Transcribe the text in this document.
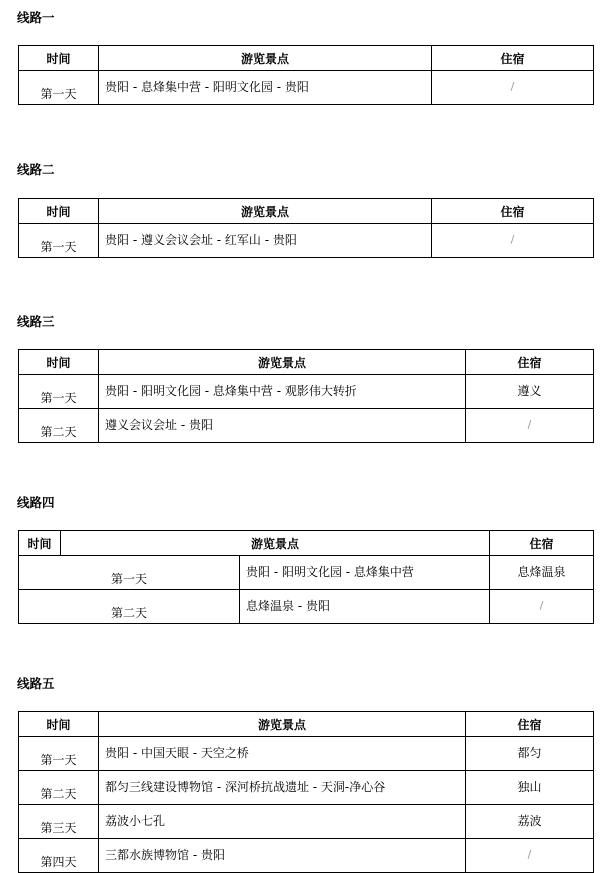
线路一
时间	游览景点	住宿
第一天	贵阳 - 息烽集中营 - 阳明文化园 - 贵阳	/
线路二
时间	游览景点	住宿
第一天	贵阳 - 遵义会议会址 - 红军山 - 贵阳	/
线路三
时间	游览景点	住宿
第一天	贵阳 - 阳明文化园 - 息烽集中营 - 观影伟大转折	遵义
第二天	遵义会议会址 - 贵阳	/
线路四
时间	游览景点		住宿
第一天		贵阳 - 阳明文化园 - 息烽集中营	息烽温泉
第二天		息烽温泉 - 贵阳	/
线路五
时间	游览景点	住宿
第一天	贵阳 - 中国天眼 - 天空之桥	都匀
第二天	都匀三线建设博物馆 - 深河桥抗战遗址 - 天洞-净心谷	独山
第三天	荔波小七孔	荔波
第四天	三都水族博物馆 - 贵阳	/
